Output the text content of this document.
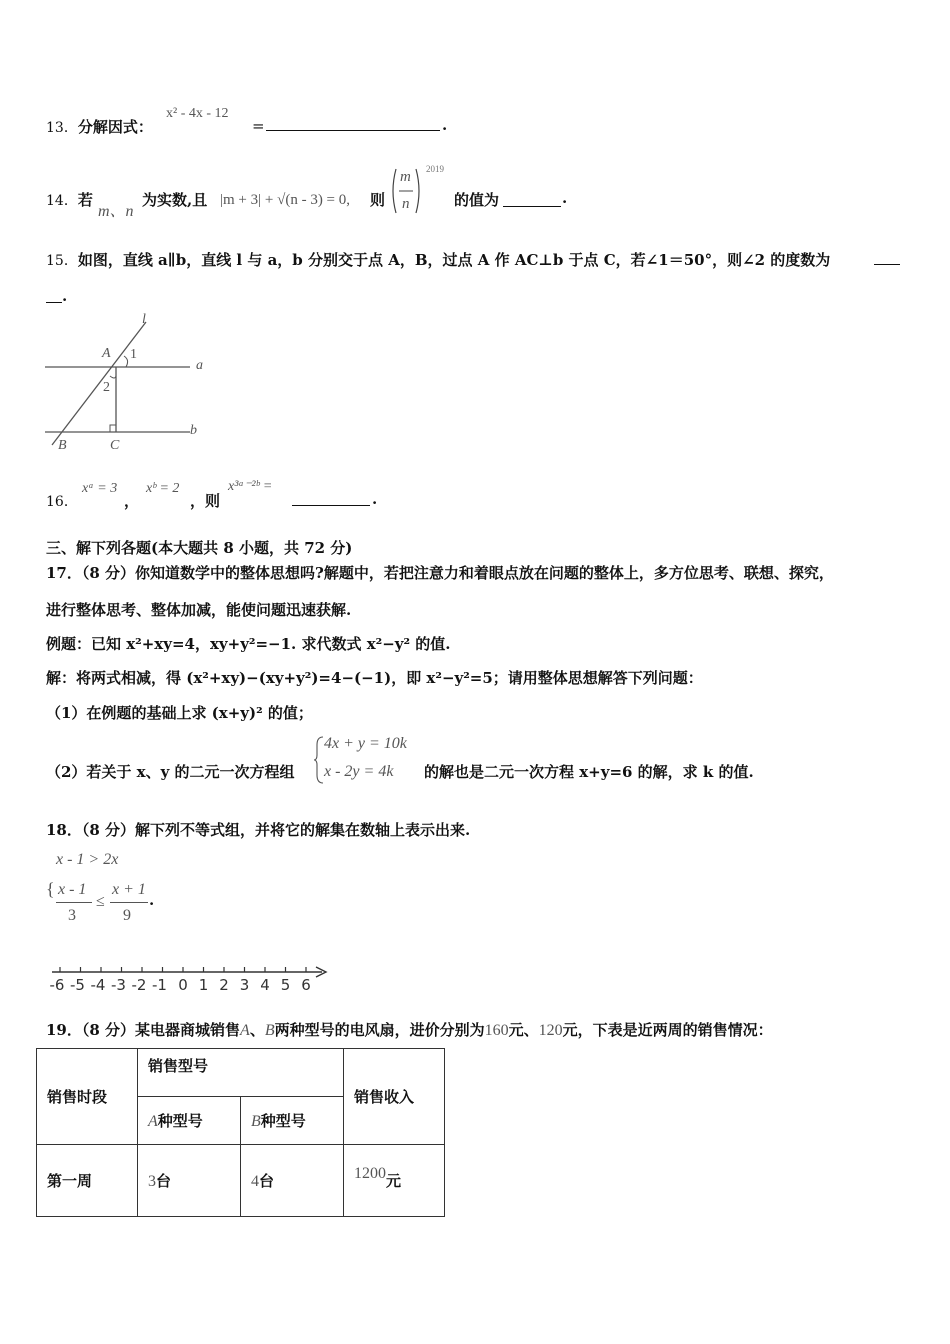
13．分解因式：
x² - 4x - 12
=	.
14．若
m、n
为实数,且 |m + 3| + √(n - 3) = 0, 则
m
n
2019
的值为	.
15．如图，直线 a∥b，直线 l 与 a，b 分别交于点 A，B，过点 A 作 AC⊥b 于点 C，若∠1＝50°，则∠2 的度数为
.
l
a
b
A
B	C
1
2
16．
xᵃ = 3
，
xᵇ = 2
，则
x³ᵃ⁻²ᵇ =
.
三、解下列各题(本大题共 8 小题，共 72 分)
17．（8 分）你知道数学中的整体思想吗?解题中，若把注意力和着眼点放在问题的整体上，多方位思考、联想、探究，
进行整体思考、整体加减，能使问题迅速获解.
例题：已知 x²+xy=4，xy+y²=−1. 求代数式 x²−y² 的值.
解：将两式相减，得 (x²+xy)−(xy+y²)=4−(−1)，即 x²−y²=5；请用整体思想解答下列问题：
（1）在例题的基础上求 (x+y)² 的值；
（2）若关于 x、y 的二元一次方程组
4x + y = 10k
x - 2y = 4k 的解也是二元一次方程 x+y=6 的解，求 k 的值.
18．（8 分）解下列不等式组，并将它的解集在数轴上表示出来.
x - 1 > 2x
{ x - 1
3
≤
x + 1
9
.
-6 -5 -4 -3 -2 -1 0 1 2 3 4 5 6
19．（8 分）某电器商城销售A、B两种型号的电风扇，进价分别为160元、120元，下表是近两周的销售情况：
销售时段	销售型号		销售收入
	A种型号	B种型号	
第一周	3台	4台	1200元
